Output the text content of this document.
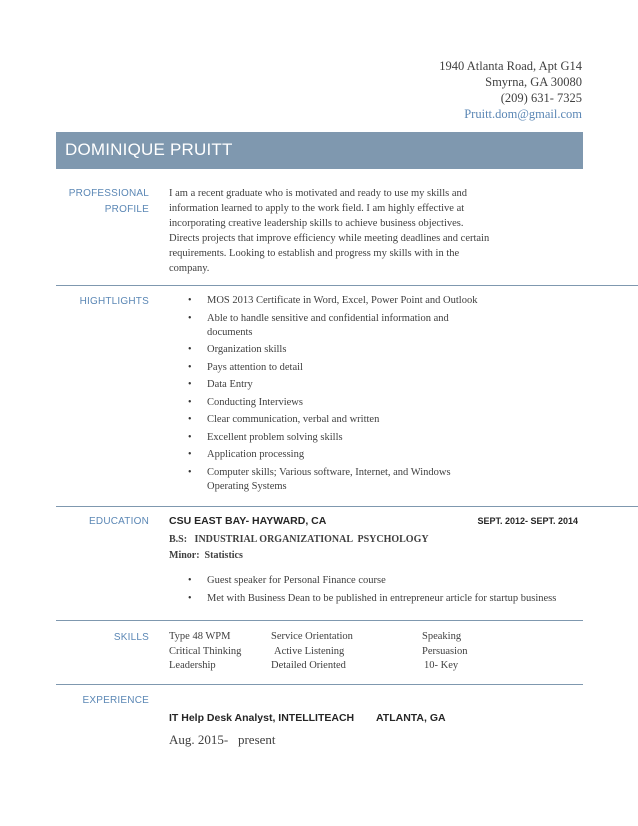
1940 Atlanta Road, Apt G14
Smyrna, GA 30080
(209) 631- 7325
Pruitt.dom@gmail.com
DOMINIQUE PRUITT
PROFESSIONAL
PROFILE
I am a recent graduate who is motivated and ready to use my skills and
information learned to apply to the work field. I am highly effective at
incorporating creative leadership skills to achieve business objectives.
Directs projects that improve efficiency while meeting deadlines and certain
requirements. Looking to establish and progress my skills with in the
company.
HIGHTLIGHTS
•	MOS 2013 Certificate in Word, Excel, Power Point and Outlook
• Able to handle sensitive and confidential information and documents
• Organization skills
• Pays attention to detail
• Data Entry
• Conducting Interviews
• Clear communication, verbal and written
• Excellent problem solving skills
• Application processing
• Computer skills; Various software, Internet, and Windows Operating Systems
EDUCATION CSU EAST BAY- HAYWARD, CA	SEPT. 2012- SEPT. 2014
B.S:   INDUSTRIAL ORGANIZATIONAL  PSYCHOLOGY
Minor:  Statistics
• Guest speaker for Personal Finance course
• Met with Business Dean to be published in entrepreneur article for startup business
SKILLS Type 48 WPM
Critical Thinking
Leadership
Service Orientation
Active Listening
Detailed Oriented
Speaking
Persuasion
10- Key
EXPERIENCE
IT Help Desk Analyst, INTELLITEACH ATLANTA, GA
Aug. 2015-   present
